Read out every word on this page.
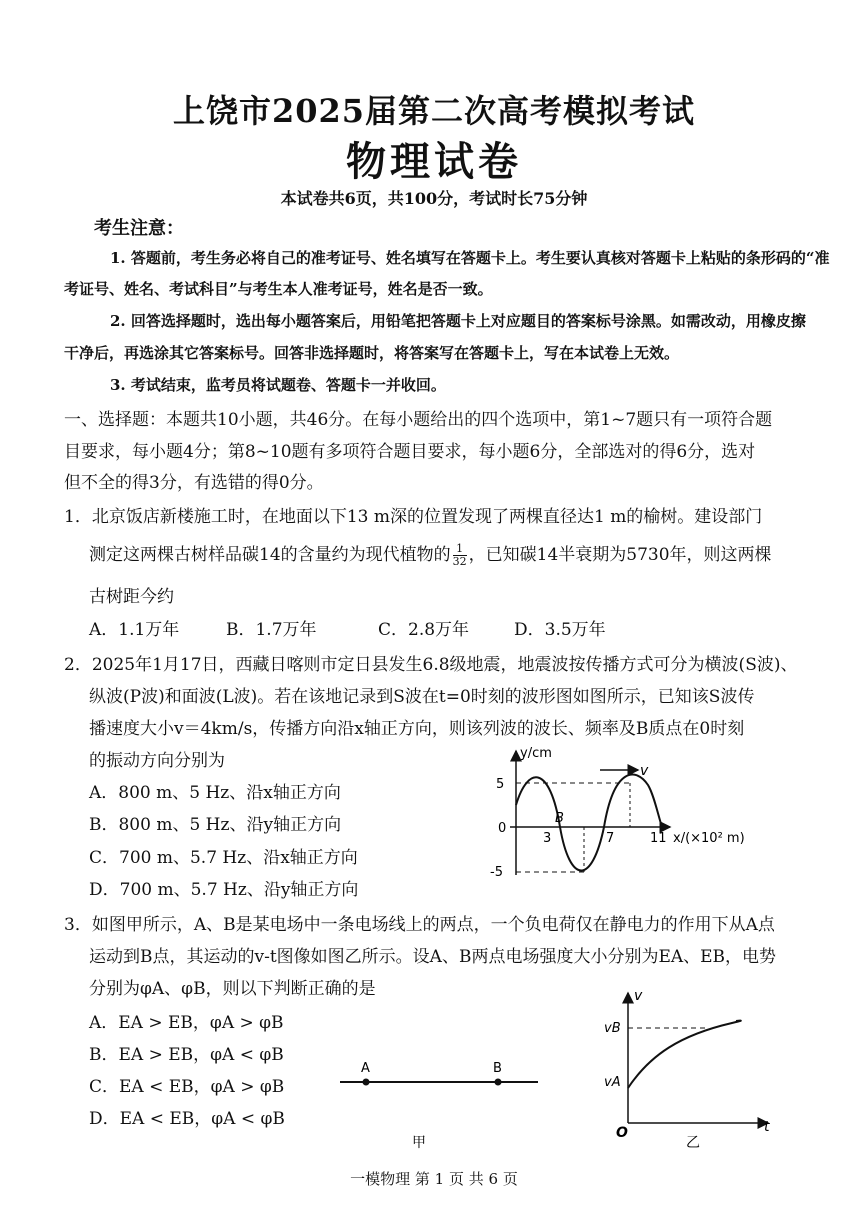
上饶市2025届第二次高考模拟考试
物理试卷
本试卷共6页，共100分，考试时长75分钟
考生注意：
1. 答题前，考生务必将自己的准考证号、姓名填写在答题卡上。考生要认真核对答题卡上粘贴的条形码的“准
考证号、姓名、考试科目”与考生本人准考证号，姓名是否一致。
2. 回答选择题时，选出每小题答案后，用铅笔把答题卡上对应题目的答案标号涂黑。如需改动，用橡皮擦
干净后，再选涂其它答案标号。回答非选择题时，将答案写在答题卡上，写在本试卷上无效。
3. 考试结束，监考员将试题卷、答题卡一并收回。
一、选择题：本题共10小题，共46分。在每小题给出的四个选项中，第1~7题只有一项符合题
目要求，每小题4分；第8~10题有多项符合题目要求，每小题6分，全部选对的得6分，选对
但不全的得3分，有选错的得0分。
1．北京饭店新楼施工时，在地面以下13 m深的位置发现了两棵直径达1 m的榆树。建设部门
测定这两棵古树样品碳14的含量约为现代植物的 $\frac{1}{32}$ ，已知碳14半衰期为5730年，则这两棵
古树距今约
A．1.1万年	B．1.7万年	C．2.8万年	D．3.5万年
2．2025年1月17日，西藏日喀则市定日县发生6.8级地震，地震波按传播方式可分为横波(S波)、
纵波(P波)和面波(L波)。若在该地记录到S波在t=0时刻的波形图如图所示，已知该S波传
播速度大小v＝4km/s，传播方向沿x轴正方向，则该列波的波长、频率及B质点在0时刻
的振动方向分别为
A．800 m、5 Hz、沿x轴正方向
B．800 m、5 Hz、沿y轴正方向
C．700 m、5.7 Hz、沿x轴正方向
D．700 m、5.7 Hz、沿y轴正方向
v
y/cm
5
0
-5
3	7	11 x/(×10² m)
B
3．如图甲所示，A、B是某电场中一条电场线上的两点，一个负电荷仅在静电力的作用下从A点
运动到B点，其运动的v-t图像如图乙所示。设A、B两点电场强度大小分别为EA、EB，电势
分别为φA、φB，则以下判断正确的是
A．EA > EB，φA > φB
B．EA > EB，φA < φB
C．EA < EB，φA > φB
D．EA < EB，φA < φB
A	B
甲
v
vB
vA
O	t
乙
一模物理 第 1 页 共 6 页
